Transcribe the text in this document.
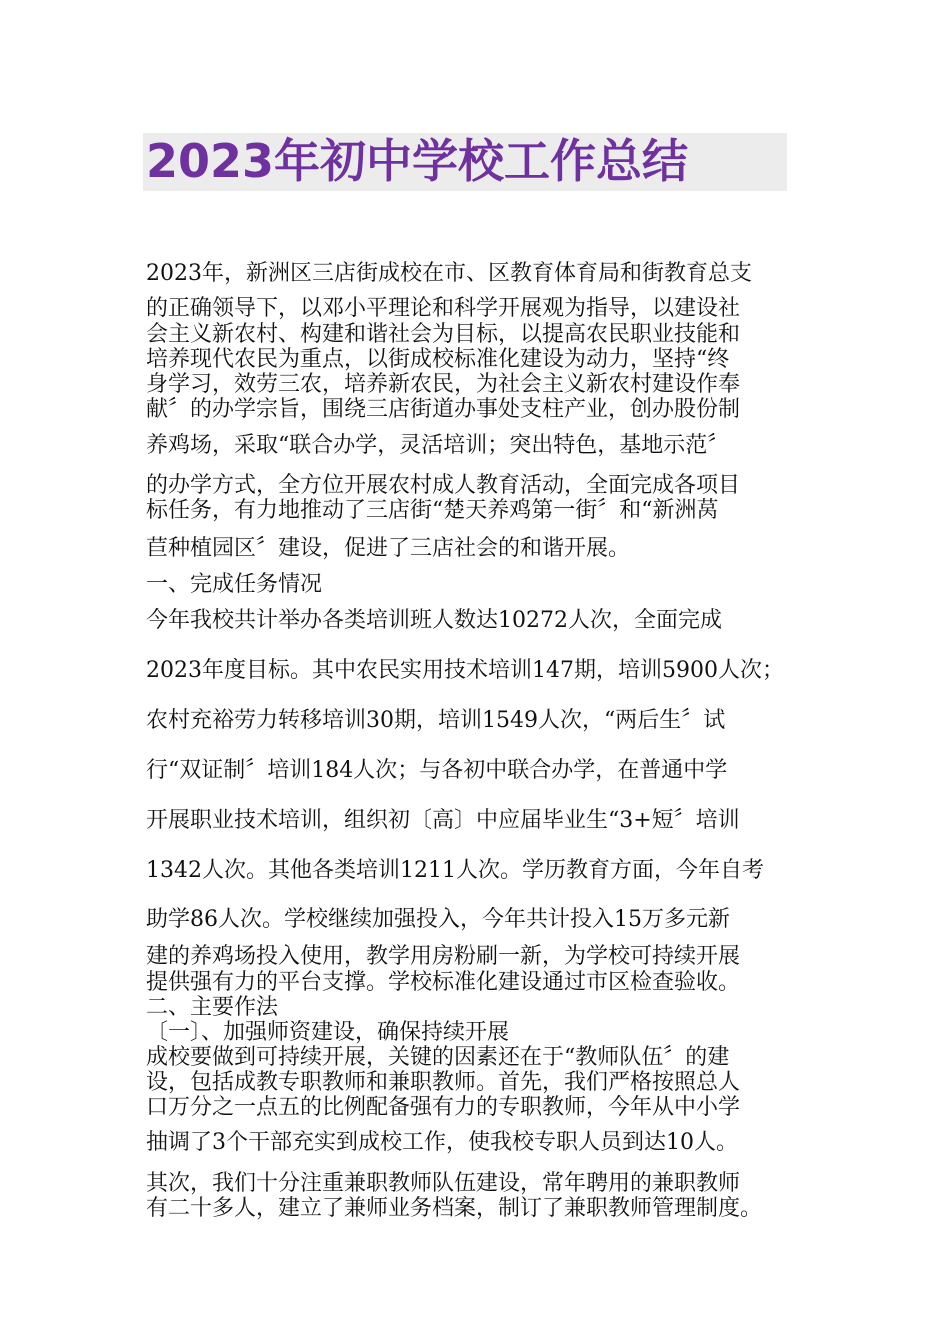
2023年初中学校工作总结
2023年，新洲区三店街成校在市、区教育体育局和街教育总支
的正确领导下，以邓小平理论和科学开展观为指导，以建设社
会主义新农村、构建和谐社会为目标，以提高农民职业技能和
培养现代农民为重点，以街成校标准化建设为动力，坚持“终
身学习，效劳三农，培养新农民，为社会主义新农村建设作奉
献〞的办学宗旨，围绕三店街道办事处支柱产业，创办股份制
养鸡场，采取“联合办学，灵活培训；突出特色，基地示范〞
的办学方式，全方位开展农村成人教育活动，全面完成各项目
标任务，有力地推动了三店街“楚天养鸡第一街〞和“新洲莴
苣种植园区〞建设，促进了三店社会的和谐开展。
一、完成任务情况
今年我校共计举办各类培训班人数达10272人次，全面完成
2023年度目标。其中农民实用技术培训147期，培训5900人次；
农村充裕劳力转移培训30期，培训1549人次，“两后生〞试
行“双证制〞培训184人次；与各初中联合办学，在普通中学
开展职业技术培训，组织初〔高〕中应届毕业生“3+短〞培训
1342人次。其他各类培训1211人次。学历教育方面，今年自考
助学86人次。学校继续加强投入，今年共计投入15万多元新
建的养鸡场投入使用，教学用房粉刷一新，为学校可持续开展
提供强有力的平台支撑。学校标准化建设通过市区检查验收。
二、主要作法
〔一〕、加强师资建设，确保持续开展
成校要做到可持续开展，关键的因素还在于“教师队伍〞的建
设，包括成教专职教师和兼职教师。首先，我们严格按照总人
口万分之一点五的比例配备强有力的专职教师，今年从中小学
抽调了3个干部充实到成校工作，使我校专职人员到达10人。
其次，我们十分注重兼职教师队伍建设，常年聘用的兼职教师
有二十多人，建立了兼师业务档案，制订了兼职教师管理制度。
